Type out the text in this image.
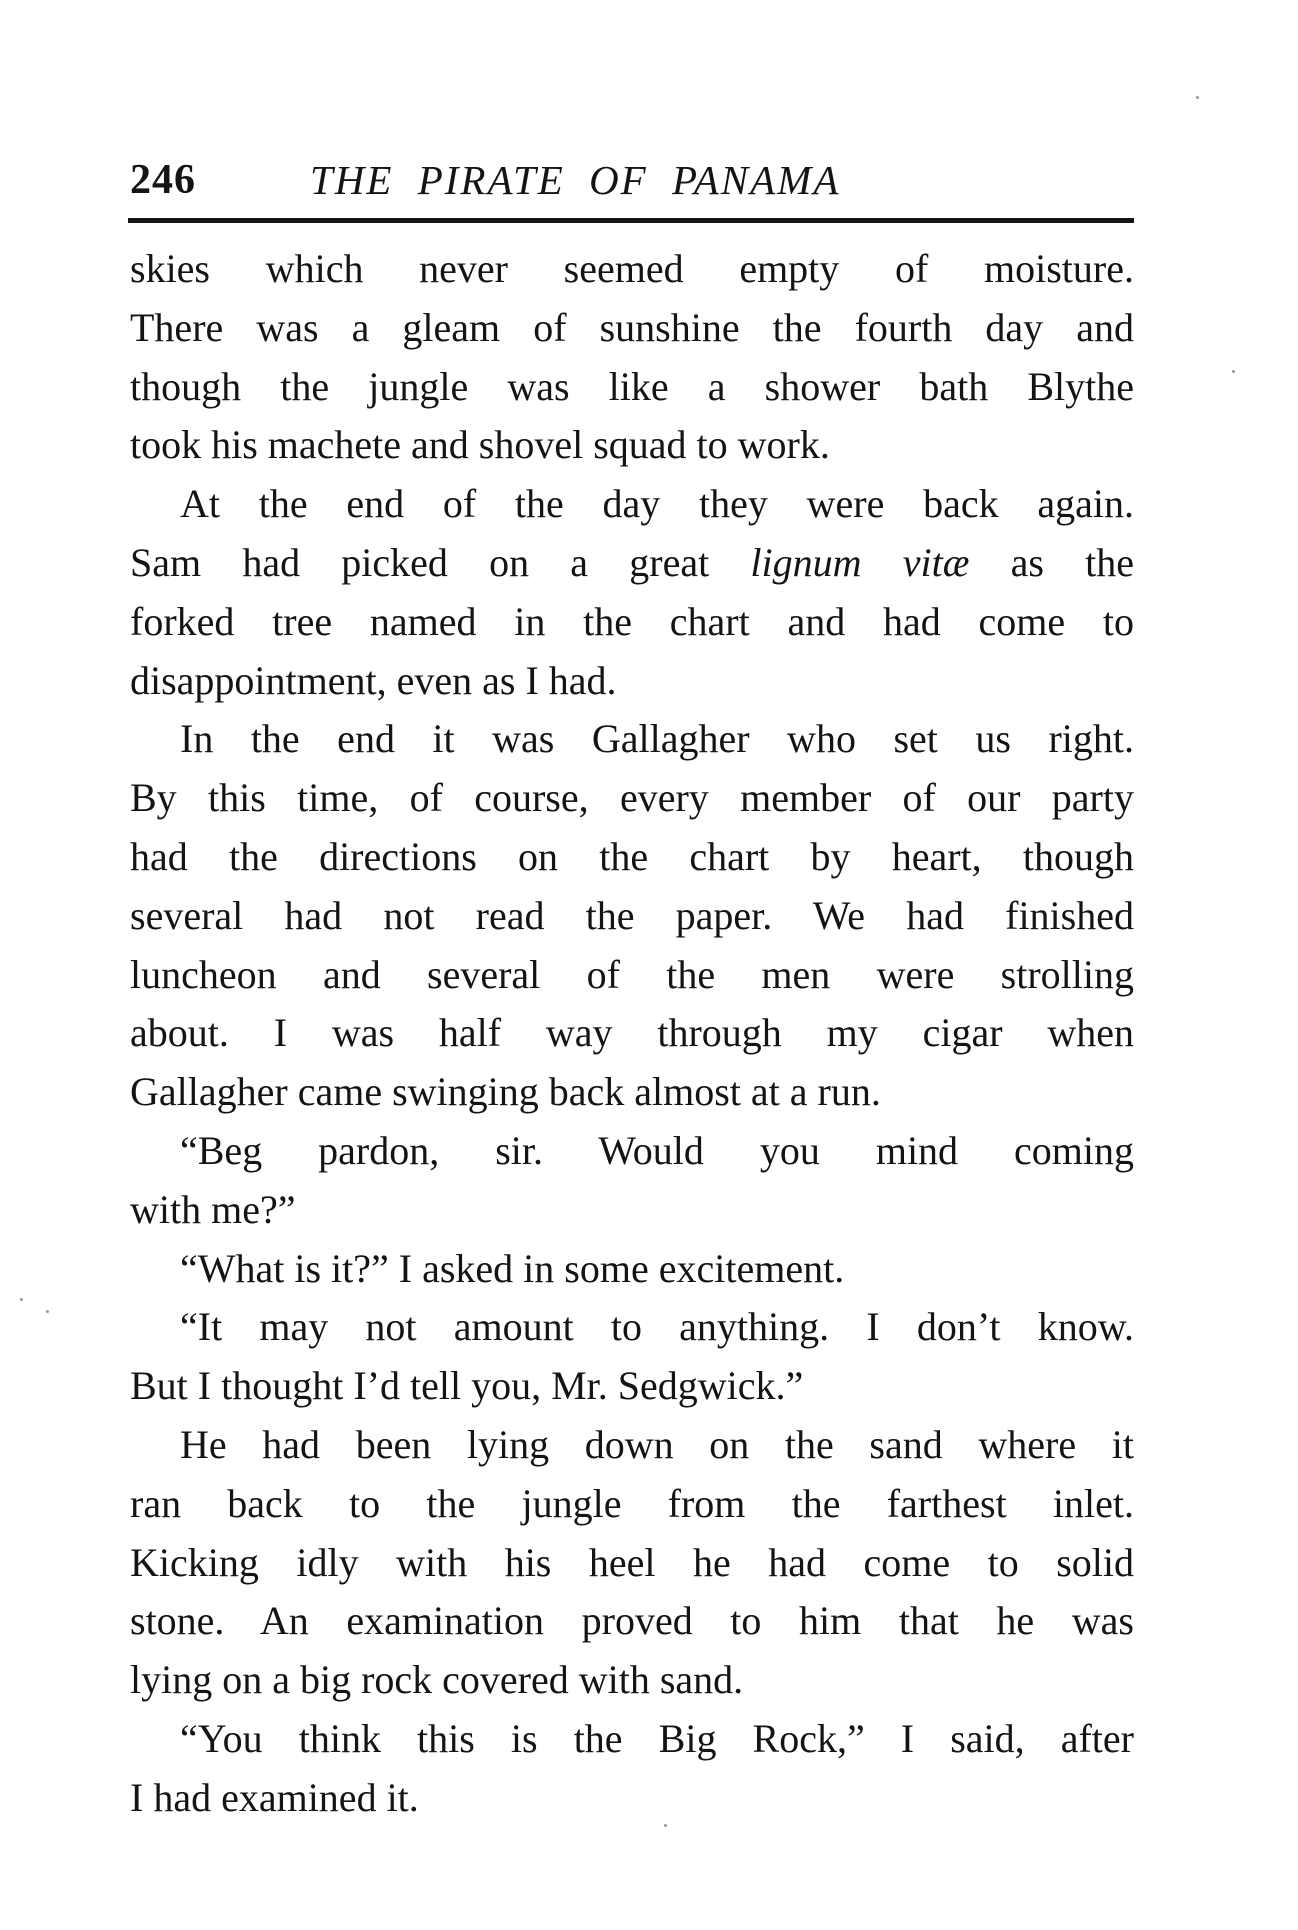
246	THE PIRATE OF PANAMA
skies which never seemed empty of moisture.
There was a gleam of sunshine the fourth day and
though the jungle was like a shower bath Blythe
took his machete and shovel squad to work.
At the end of the day they were back again.
Sam had picked on a great lignum vitæ as the
forked tree named in the chart and had come to
disappointment, even as I had.
In the end it was Gallagher who set us right.
By this time, of course, every member of our party
had the directions on the chart by heart, though
several had not read the paper. We had finished
luncheon and several of the men were strolling
about. I was half way through my cigar when
Gallagher came swinging back almost at a run.
“Beg pardon, sir. Would you mind coming
with me?”
“What is it?” I asked in some excitement.
“It may not amount to anything. I don’t know.
But I thought I’d tell you, Mr. Sedgwick.”
He had been lying down on the sand where it
ran back to the jungle from the farthest inlet.
Kicking idly with his heel he had come to solid
stone. An examination proved to him that he was
lying on a big rock covered with sand.
“You think this is the Big Rock,” I said, after
I had examined it.
